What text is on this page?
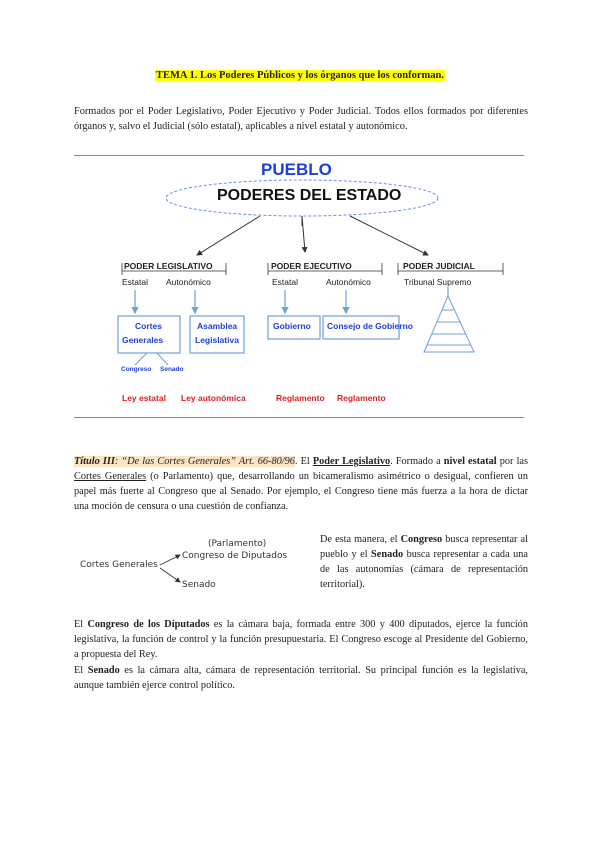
TEMA 1. Los Poderes Públicos y los órganos que los conforman.
Formados por el Poder Legislativo, Poder Ejecutivo y Poder Judicial. Todos ellos formados por diferentes órganos y, salvo el Judicial (sólo estatal), aplicables a nivel estatal y autonómico.
PUEBLO
PODERES DEL ESTADO
PODER LEGISLATIVO	PODER EJECUTIVO	PODER JUDICIAL
Estatal Autonómico	Estatal	Autonómico	Tribunal Supremo
Cortes
Generales
Asamblea
Legislativa
Gobierno Consejo de Gobierno
Congreso Senado
Ley estatal Ley autonómica	Reglamento Reglamento
Título III: “De las Cortes Generales” Art. 66-80/96. El Poder Legislativo. Formado a nivel estatal por las Cortes Generales (o Parlamento) que, desarrollando un bicameralismo asimétrico o desigual, confieren un papel más fuerte al Congreso que al Senado. Por ejemplo, el Congreso tiene más fuerza a la hora de dictar una moción de censura o una cuestión de confianza.
Cortes Generales
(Parlamento)
Congreso de Diputados
Senado
De esta manera, el Congreso busca representar al pueblo y el Senado busca representar a cada una de las autonomías (cámara de representación territorial).
El Congreso de los Diputados es la cámara baja, formada entre 300 y 400 diputados, ejerce la función legislativa, la función de control y la función presupuestaria. El Congreso escoge al Presidente del Gobierno, a propuesta del Rey.
El Senado es la cámara alta, cámara de representación territorial. Su principal función es la legislativa, aunque también ejerce control político.
